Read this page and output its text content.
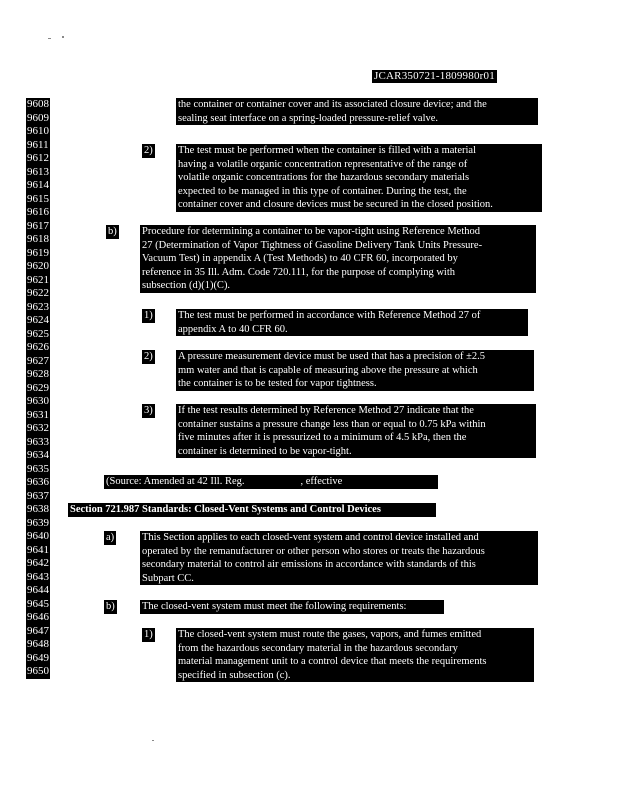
JCAR350721-1809980r01
9608
9609
9610
9611
9612
9613
9614
9615
9616
9617
9618
9619
9620
9621
9622
9623
9624
9625
9626
9627
9628
9629
9630
9631
9632
9633
9634
9635
9636
9637
9638
9639
9640
9641
9642
9643
9644
9645
9646
9647
9648
9649
9650
the container or container cover and its associated closure device; and the
sealing seat interface on a spring-loaded pressure-relief valve.
2) The test must be performed when the container is filled with a material
having a volatile organic concentration representative of the range of
volatile organic concentrations for the hazardous secondary materials
expected to be managed in this type of container. During the test, the
container cover and closure devices must be secured in the closed position.
b) Procedure for determining a container to be vapor-tight using Reference Method
27 (Determination of Vapor Tightness of Gasoline Delivery Tank Units Pressure-
Vacuum Test) in appendix A (Test Methods) to 40 CFR 60, incorporated by
reference in 35 Ill. Adm. Code 720.111, for the purpose of complying with
subsection (d)(1)(C).
1) The test must be performed in accordance with Reference Method 27 of
appendix A to 40 CFR 60.
2) A pressure measurement device must be used that has a precision of ±2.5
mm water and that is capable of measuring above the pressure at which
the container is to be tested for vapor tightness.
3) If the test results determined by Reference Method 27 indicate that the
container sustains a pressure change less than or equal to 0.75 kPa within
five minutes after it is pressurized to a minimum of 4.5 kPa, then the
container is determined to be vapor-tight.
(Source: Amended at 42 Ill. Reg.	, effective	)
Section 721.987 Standards: Closed-Vent Systems and Control Devices
a)	This Section applies to each closed-vent system and control device installed and
operated by the remanufacturer or other person who stores or treats the hazardous
secondary material to control air emissions in accordance with standards of this
Subpart CC.
b)	The closed-vent system must meet the following requirements:
1) The closed-vent system must route the gases, vapors, and fumes emitted
from the hazardous secondary material in the hazardous secondary
material management unit to a control device that meets the requirements
specified in subsection (c).
